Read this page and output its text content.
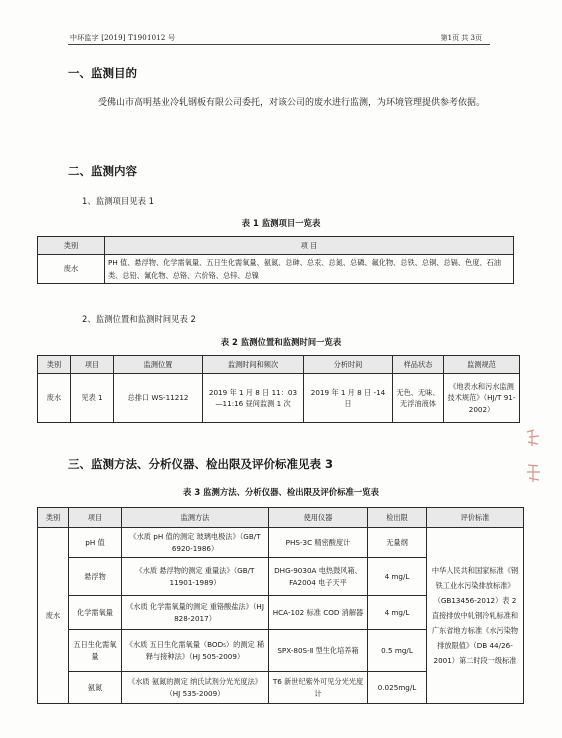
中环监字 [2019] T1901012 号	第1页 共 3页
一、监测目的
受佛山市高明基业冷轧钢板有限公司委托，对该公司的废水进行监测，为环境管理提供参考依据。
二、监测内容
1、监测项目见表 1
表 1 监测项目一览表
类别	项 目
废水	PH 值、悬浮物、化学需氧量、五日生化需氧量、氨氮、总砷、总汞、总氮、总磷、氟化物、总铁、总铜、总镉、色度、石油类、总铅、氰化物、总铬、六价铬、总锌、总镍
2、监测位置和监测时间见表 2
表 2 监测位置和监测时间一览表
类别	项目	监测位置	监测时间和频次	分析时间	样品状态	监测规范
废水	见表 1	总排口 WS-11212	2019 年 1 月 8 日 11：03—11:16 昼间监测 1 次	2019 年 1 月 8 日 -14 日	无色、无味、无浮油液体	《地表水和污水监测技术规范》（HJ/T 91-2002）
三、监测方法、分析仪器、检出限及评价标准见表 3
表 3 监测方法、分析仪器、检出限及评价标准一览表
类别	项目	监测方法	使用仪器	检出限	评价标准
废水	pH 值	《水质 pH 值的测定 玻璃电极法》（GB/T 6920-1986）	PHS-3C 精密酸度计	无量纲	中华人民共和国家标准《钢铁工业水污染排放标准》（GB13456-2012）表 2 直接排放中轧钢冷轧标准和广东省地方标准《水污染物排放限值》（DB 44/26-2001）第二时段一级标准
	悬浮物	《水质 悬浮物的测定 重量法》（GB/T 11901-1989）	DHG-9030A 电热鼓风箱、FA2004 电子天平	4 mg/L	
	化学需氧量	《水质 化学需氧量的测定 重铬酸盐法》（HJ 828-2017）	HCA-102 标准 COD 消解器	4 mg/L	
	五日生化需氧量	《水质 五日生化需氧量（BOD₅）的测定 稀释与接种法》（HJ 505-2009）	SPX-80S-Ⅱ 型生化培养箱	0.5 mg/L	
	氨氮	《水质 氨氮的测定 纳氏试剂分光光度法》（HJ 535-2009）	T6 新世纪紫外可见分光光度计	0.025mg/L	
